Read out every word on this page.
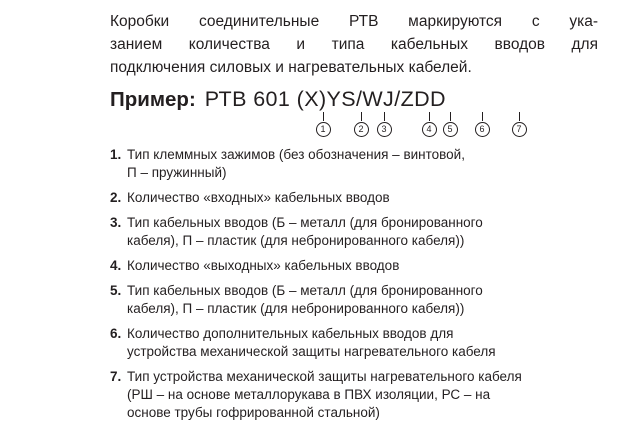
Коробки соединительные РТВ маркируются с ука-
занием количества и типа кабельных вводов для
подключения силовых и нагревательных кабелей.

Пример: РТВ 601 (Х)YS/WJ/ZDD
1	2	3	4	5	6	7
1. Тип клеммных зажимов (без обозначения – винтовой,
П – пружинный)
2. Количество «входных» кабельных вводов
3. Тип кабельных вводов (Б – металл (для бронированного
кабеля), П – пластик (для небронированного кабеля))
4. Количество «выходных» кабельных вводов
5. Тип кабельных вводов (Б – металл (для бронированного
кабеля), П – пластик (для небронированного кабеля))
6. Количество дополнительных кабельных вводов для
устройства механической защиты нагревательного кабеля
7. Тип устройства механической защиты нагревательного кабеля
(РШ – на основе металлорукава в ПВХ изоляции, РС – на
основе трубы гофрированной стальной)
